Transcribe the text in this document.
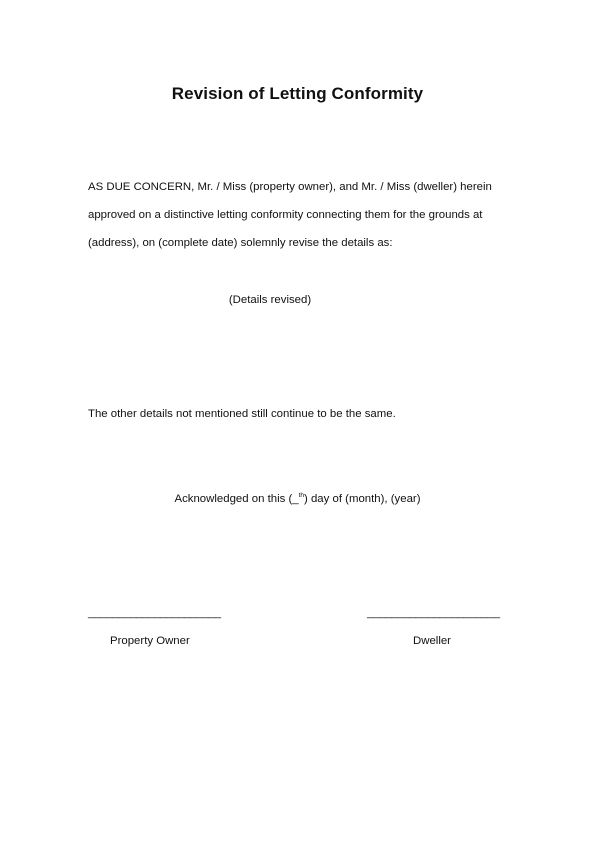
Revision of Letting Conformity
AS DUE CONCERN, Mr. / Miss (property owner), and Mr. / Miss (dweller) herein
approved on a distinctive letting conformity connecting them for the grounds at
(address), on (complete date) solemnly revise the details as:
(Details revised)
The other details not mentioned still continue to be the same.
Acknowledged on this (_$^{th}$) day of (month), (year)
______________________	______________________
Property Owner	Dweller
